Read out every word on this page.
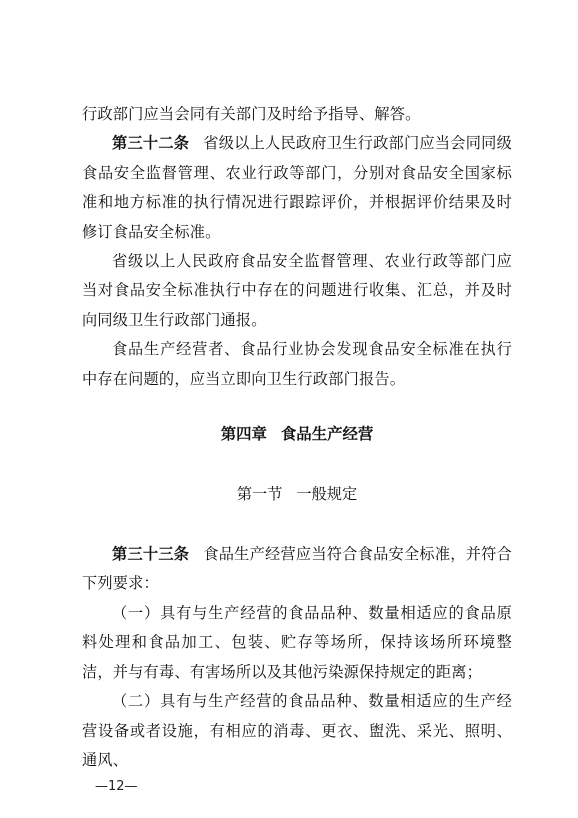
行政部门应当会同有关部门及时给予指导、解答。

第三十二条 省级以上人民政府卫生行政部门应当会同同级食品安全监督管理、农业行政等部门，分别对食品安全国家标准和地方标准的执行情况进行跟踪评价，并根据评价结果及时修订食品安全标准。

省级以上人民政府食品安全监督管理、农业行政等部门应当对食品安全标准执行中存在的问题进行收集、汇总，并及时向同级卫生行政部门通报。

食品生产经营者、食品行业协会发现食品安全标准在执行中存在问题的，应当立即向卫生行政部门报告。

第四章 食品生产经营

第一节 一般规定

第三十三条 食品生产经营应当符合食品安全标准，并符合下列要求：

（一）具有与生产经营的食品品种、数量相适应的食品原料处理和食品加工、包装、贮存等场所，保持该场所环境整洁，并与有毒、有害场所以及其他污染源保持规定的距离；

（二）具有与生产经营的食品品种、数量相适应的生产经营设备或者设施，有相应的消毒、更衣、盥洗、采光、照明、通风、

—12—
